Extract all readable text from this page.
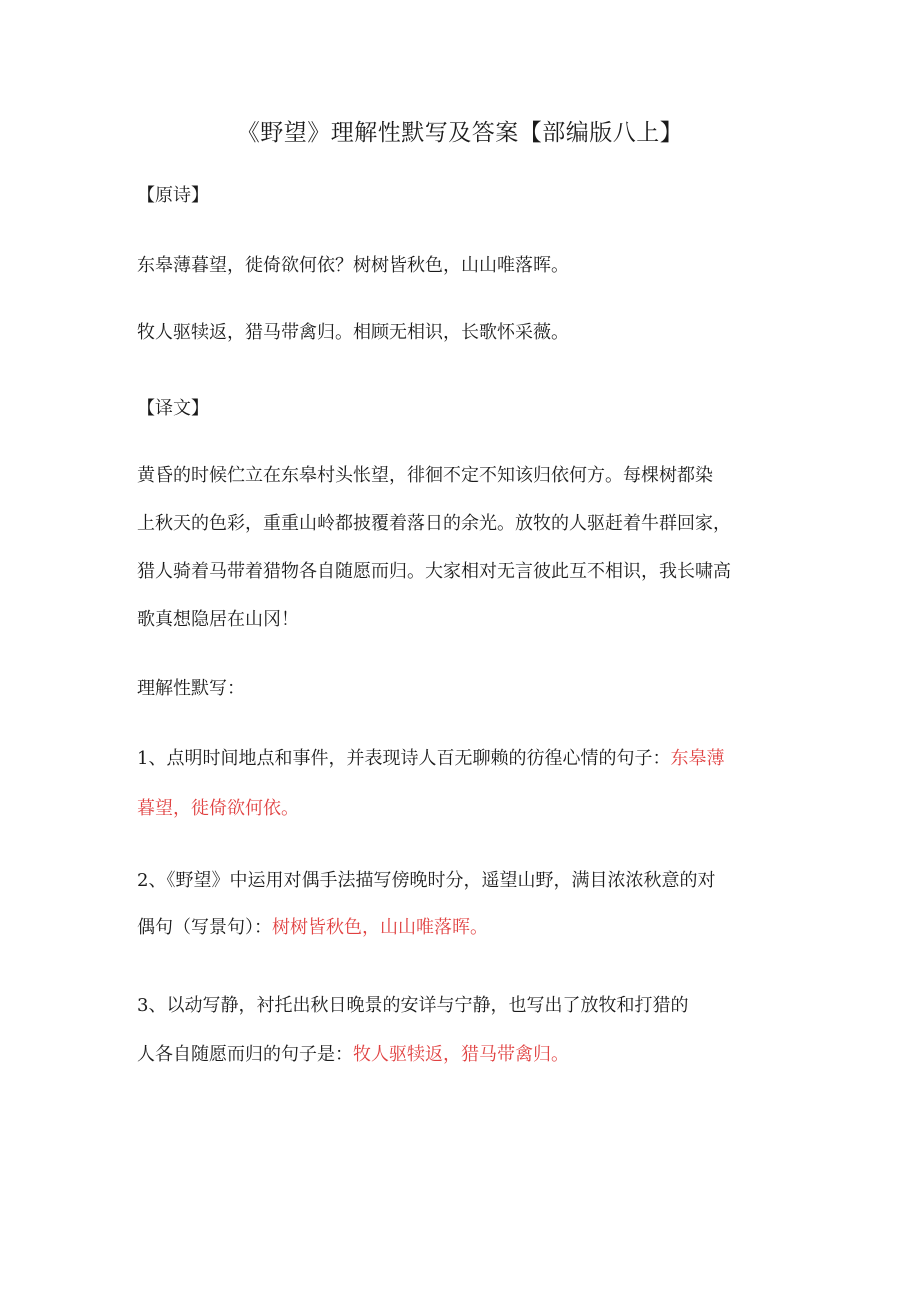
《野望》理解性默写及答案【部编版八上】
【原诗】
东皋薄暮望，徙倚欲何依？树树皆秋色，山山唯落晖。
牧人驱犊返，猎马带禽归。相顾无相识，长歌怀采薇。
【译文】
黄昏的时候伫立在东皋村头怅望，徘徊不定不知该归依何方。每棵树都染
上秋天的色彩，重重山岭都披覆着落日的余光。放牧的人驱赶着牛群回家，
猎人骑着马带着猎物各自随愿而归。大家相对无言彼此互不相识，我长啸高
歌真想隐居在山冈！
理解性默写：
1、点明时间地点和事件，并表现诗人百无聊赖的彷徨心情的句子：东皋薄
暮望，徙倚欲何依。
2、《野望》中运用对偶手法描写傍晚时分，遥望山野，满目浓浓秋意的对
偶句（写景句）：树树皆秋色，山山唯落晖。
3、以动写静，衬托出秋日晚景的安详与宁静，也写出了放牧和打猎的
人各自随愿而归的句子是：牧人驱犊返，猎马带禽归。
